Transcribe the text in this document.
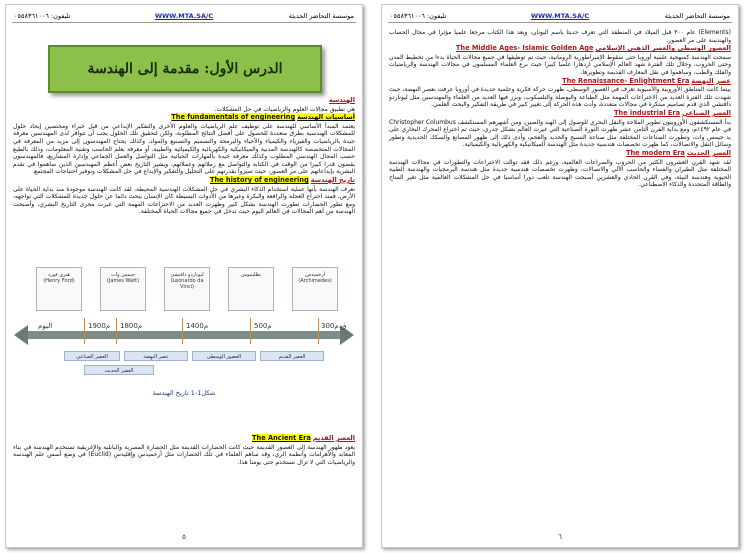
تليفون: ٠٥٥٨٣٦١٠٠٦	WWW.MTA.SA/C	موسسة التحاضر الحديثة
الدرس الأول: مقدمة إلى الهندسة

الهندسة

هي تطبيق مجالات العلوم والرياضيات في حل المشكلات.

أساسيات الهندسة The fundamentals of engineering

يعتمد المبدأ الأساسي للهندسة على توظيف علم الرياضيات والعلوم الأخرى والتفكير الإبداعي من قبل خبراء ومختصين إيجاد حلول للمشكلات الهندسية بطرق متعددة للحصول على أفضل النتائج المطلوبة، ولكن لتحقيق تلك الحلول يجب أن تتوافر لدى المهندسين معرفة جيدة بالرياضيات والفيزياء والكيمياء والأحياء والبرمجة والتصميم والتصنيع والمواد، وكذلك يحتاج المهندسون إلى مزيد من المعرفة في المجالات المتخصصة كالهندسة المدنية والميكانيكية والكهربائية والكيميائية والطبية، أو معرفة بعلم الحاسب وتقنية المعلومات، وذلك بالطبع حسب المجال الهندسي المطلوب وكذلك معرفة جيدة بالمهارات الحياتية مثل التواصل والعمل الجماعي وإدارة المشاريع، فالمهندسون يقضون قدرا كبيرا من الوقت في الكتابة والتواصل مع زملائهم وعملائهم، ويشير التاريخ بعض أعظم المهندسين الذين ساهموا في تقدم البشرية بإبداعاتهم على مر العصور، حيث تميزوا بقدرتهم على التحليل والتفكير والإبداع في حل المشكلات وتوفير احتياجات المجتمع.

تاريخ الهندسة The history of engineering

تعرف الهندسة بأنها عملية استخدام الذكاء البشري في حل المشكلات الهندسية المحيطة، لقد كانت الهندسة موجودة منذ بداية الحياة على الأرض، فمنذ اختراع العجلة والرافعة والبكرة وغيرها من الأدوات البسيطة كان الإنسان يبحث دائما عن حلول جديدة للمشكلات التي تواجهه، ومع تطور الحضارات تطورت الهندسة بشكل كبير وظهرت العديد من الاختراعات المهمة التي غيرت مجرى التاريخ البشري، وأصبحت الهندسة من أهم المجالات في العالم اليوم حيث تدخل في جميع مجالات الحياة المختلفة.

أرخميدس
(Archimedes)
بطليموس

ليوناردو دافنشي
(Leonardo da Vinci)
جيمس وات
(James Watt)
هنري فورد
(Henry Ford)
300ق.م
500م
1400م
1800م
1900م
اليوم
العصر القديم
العصور الوسطى
عصر النهضة
العصر الصناعي
العصر الحديث
شكل1-1 تاريخ الهندسة

العصر القديم The Ancient Era

يعود ظهور الهندسة إلى العصور القديمة حيث كانت الحضارات القديمة مثل الحضارة المصرية والبابلية والإغريقية تستخدم الهندسة في بناء المعابد والأهرامات وأنظمة الري، وقد ساهم العلماء في تلك الحضارات مثل أرخميدس وإقليدس (Euclid) في وضع أسس علم الهندسة والرياضيات التي لا تزال تستخدم حتى يومنا هذا.

٥
تليفون: ٠٥٥٨٣٦١٠٠٦	WWW.MTA.SA/C	موسسة التحاضر الحديثة

(Elements) عام ٣٠٠ قبل الميلاد في المنطقة التي تعرف حديثا باسم اليونان، ويعد هذا الكتاب مرجعا علميا مؤثرا في مجال الحساب والهندسة على مر العصور.

العصور الوسطى والعصر الذهبي الإسلامي The Middle Ages- Islamic Golden Age

سمحت الهندسة كمنهجية علمية أوروبا حتى سقوط الإمبراطورية الرومانية، حيث تم توظيفها في جميع مجالات الحياة بدءا من تخطيط المدن وحتى الحروب، وخلال تلك الفترة شهد العالم الإسلامي ازدهارا علميا كبيرا حيث برع العلماء المسلمون في مجالات الهندسة والرياضيات والفلك والطب، وساهموا في نقل المعارف القديمة وتطويرها.

عصر النهضة The Renaissance- Enlightment Era

بينما كانت المناطق الأوروبية والآسيوية تعرف في العصور الوسطى، ظهرت حركة فكرية وعلمية جديدة في أوروبا عرفت بعصر النهضة، حيث شهدت تلك الفترة العديد من الاختراعات المهمة مثل الطباعة والبوصلة والتلسكوب، وبرز فيها العديد من العلماء والمهندسين مثل ليوناردو دافنشي الذي قدم تصاميم مبتكرة في مجالات متعددة، وأدت هذه الحركة إلى تغيير كبير في طريقة التفكير والبحث العلمي.

العصر الصناعي The industrial Era

بدأ المستكشفون الأوروبيون تطوير الملاحة والنقل البحري للوصول إلى الهند والصين، ومن أشهرهم المستكشف Christopher Columbus في عام ١٤٩٢م، ومع بداية القرن الثامن عشر ظهرت الثورة الصناعية التي غيرت العالم بشكل جذري، حيث تم اختراع المحرك البخاري على يد جيمس وات، وتطورت الصناعات المختلفة مثل صناعة النسيج والحديد والفحم، وأدى ذلك إلى ظهور المصانع والسكك الحديدية وتطور وسائل النقل والاتصالات، كما ظهرت تخصصات هندسية جديدة مثل الهندسة الميكانيكية والكهربائية والكيميائية.

العصر الحديث The modern Era

لقد شهد القرن العشرون الكثير من الحروب والصراعات العالمية، ورغم ذلك فقد توالت الاختراعات والتطورات في مجالات الهندسة المختلفة مثل الطيران والفضاء والحاسب الآلي والاتصالات، وظهرت تخصصات هندسية جديدة مثل هندسة البرمجيات والهندسة الطبية الحيوية وهندسة البيئة، وفي القرن الحادي والعشرين أصبحت الهندسة تلعب دورا أساسيا في حل المشكلات العالمية مثل تغير المناخ والطاقة المتجددة والذكاء الاصطناعي.

٦
